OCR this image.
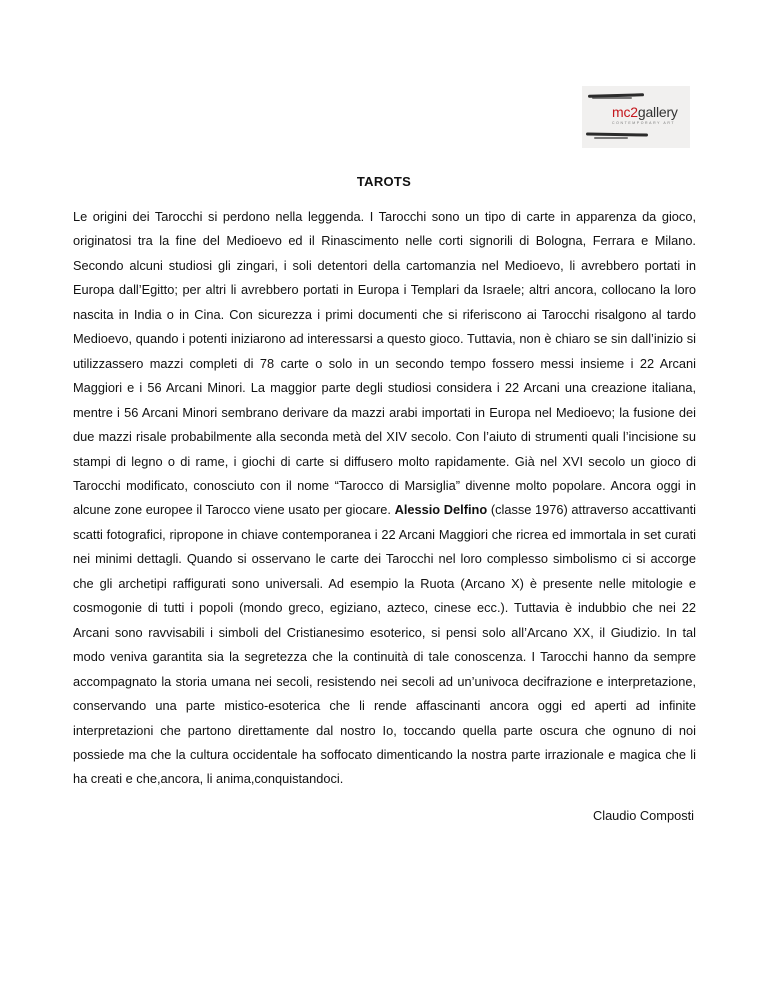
mc2gallery
CONTEMPORARY ART
TAROTS

Le origini dei Tarocchi si perdono nella leggenda. I Tarocchi sono un tipo di carte in apparenza da gioco, originatosi tra la fine del Medioevo ed il Rinascimento nelle corti signorili di Bologna, Ferrara e Milano. Secondo alcuni studiosi gli zingari, i soli detentori della cartomanzia nel Medioevo, li avrebbero portati in Europa dall’Egitto; per altri li avrebbero portati in Europa i Templari da Israele; altri ancora, collocano la loro nascita in India o in Cina. Con sicurezza i primi documenti che si riferiscono ai Tarocchi risalgono al tardo Medioevo, quando i potenti iniziarono ad interessarsi a questo gioco. Tuttavia, non è chiaro se sin dall’inizio si utilizzassero mazzi completi di 78 carte o solo in un secondo tempo fossero messi insieme i 22 Arcani Maggiori e i 56 Arcani Minori. La maggior parte degli studiosi considera i 22 Arcani una creazione italiana, mentre i 56 Arcani Minori sembrano derivare da mazzi arabi importati in Europa nel Medioevo; la fusione dei due mazzi risale probabilmente alla seconda metà del XIV secolo. Con l’aiuto di strumenti quali l’incisione su stampi di legno o di rame, i giochi di carte si diffusero molto rapidamente. Già nel XVI secolo un gioco di Tarocchi modificato, conosciuto con il nome “Tarocco di Marsiglia” divenne molto popolare. Ancora oggi in alcune zone europee il Tarocco viene usato per giocare. Alessio Delfino (classe 1976) attraverso accattivanti scatti fotografici, ripropone in chiave contemporanea i 22 Arcani Maggiori che ricrea ed immortala in set curati nei minimi dettagli. Quando si osservano le carte dei Tarocchi nel loro complesso simbolismo ci si accorge che gli archetipi raffigurati sono universali. Ad esempio la Ruota (Arcano X) è presente nelle mitologie e cosmogonie di tutti i popoli (mondo greco, egiziano, azteco, cinese ecc.). Tuttavia è indubbio che nei 22 Arcani sono ravvisabili i simboli del Cristianesimo esoterico, si pensi solo all’Arcano XX, il Giudizio. In tal modo veniva garantita sia la segretezza che la continuità di tale conoscenza. I Tarocchi hanno da sempre accompagnato la storia umana nei secoli, resistendo nei secoli ad un’univoca decifrazione e interpretazione, conservando una parte mistico-esoterica che li rende affascinanti ancora oggi ed aperti ad infinite interpretazioni che partono direttamente dal nostro Io, toccando quella parte oscura che ognuno di noi possiede ma che la cultura occidentale ha soffocato dimenticando la nostra parte irrazionale e magica che li ha creati e che,ancora, li anima,conquistandoci.

Claudio Composti
